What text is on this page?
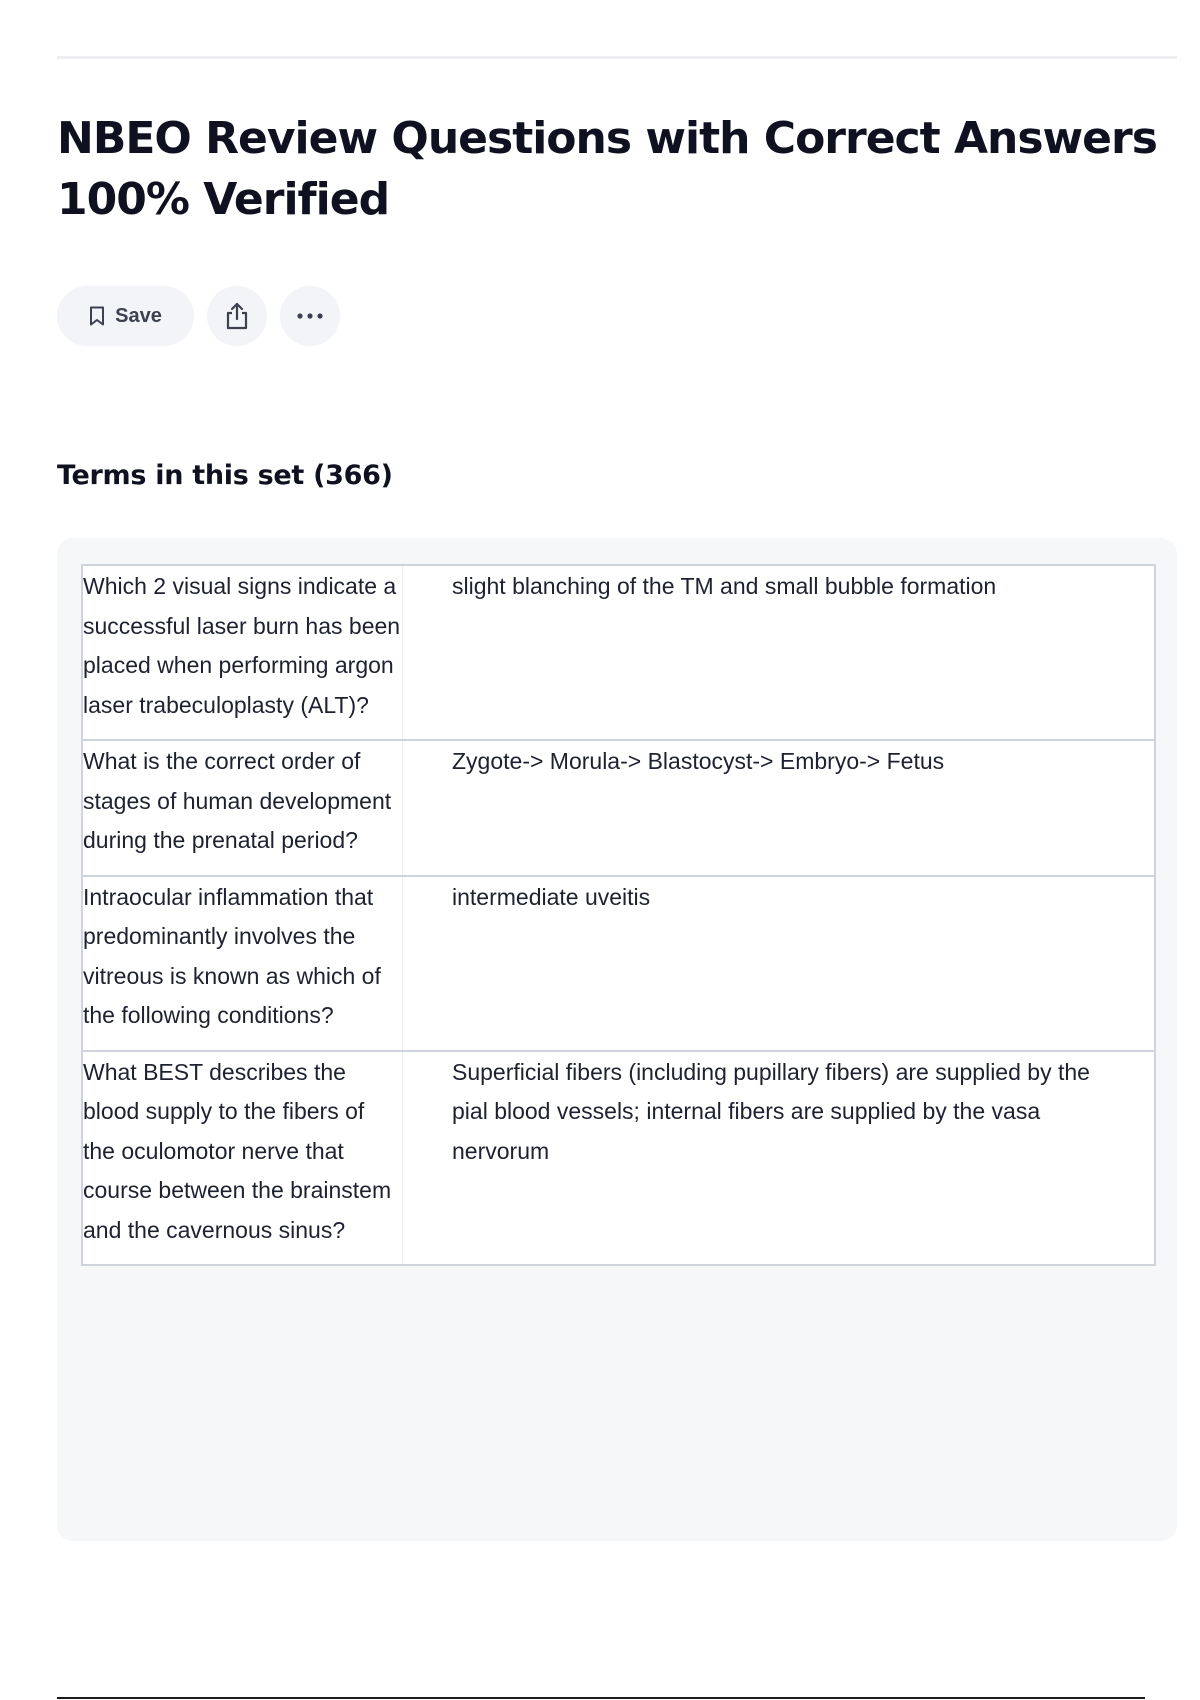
NBEO Review Questions with Correct Answers 100% Verified
Save
Terms in this set (366)
Which 2 visual signs indicate a successful laser burn has been placed when performing argon laser trabeculoplasty (ALT)?
slight blanching of the TM and small bubble formation
What is the correct order of stages of human development during the prenatal period?
Zygote-> Morula-> Blastocyst-> Embryo-> Fetus
Intraocular inflammation that predominantly involves the vitreous is known as which of the following conditions?
intermediate uveitis
What BEST describes the blood supply to the fibers of the oculomotor nerve that course between the brainstem and the cavernous sinus?
Superficial fibers (including pupillary fibers) are supplied by the pial blood vessels; internal fibers are supplied by the vasa nervorum
